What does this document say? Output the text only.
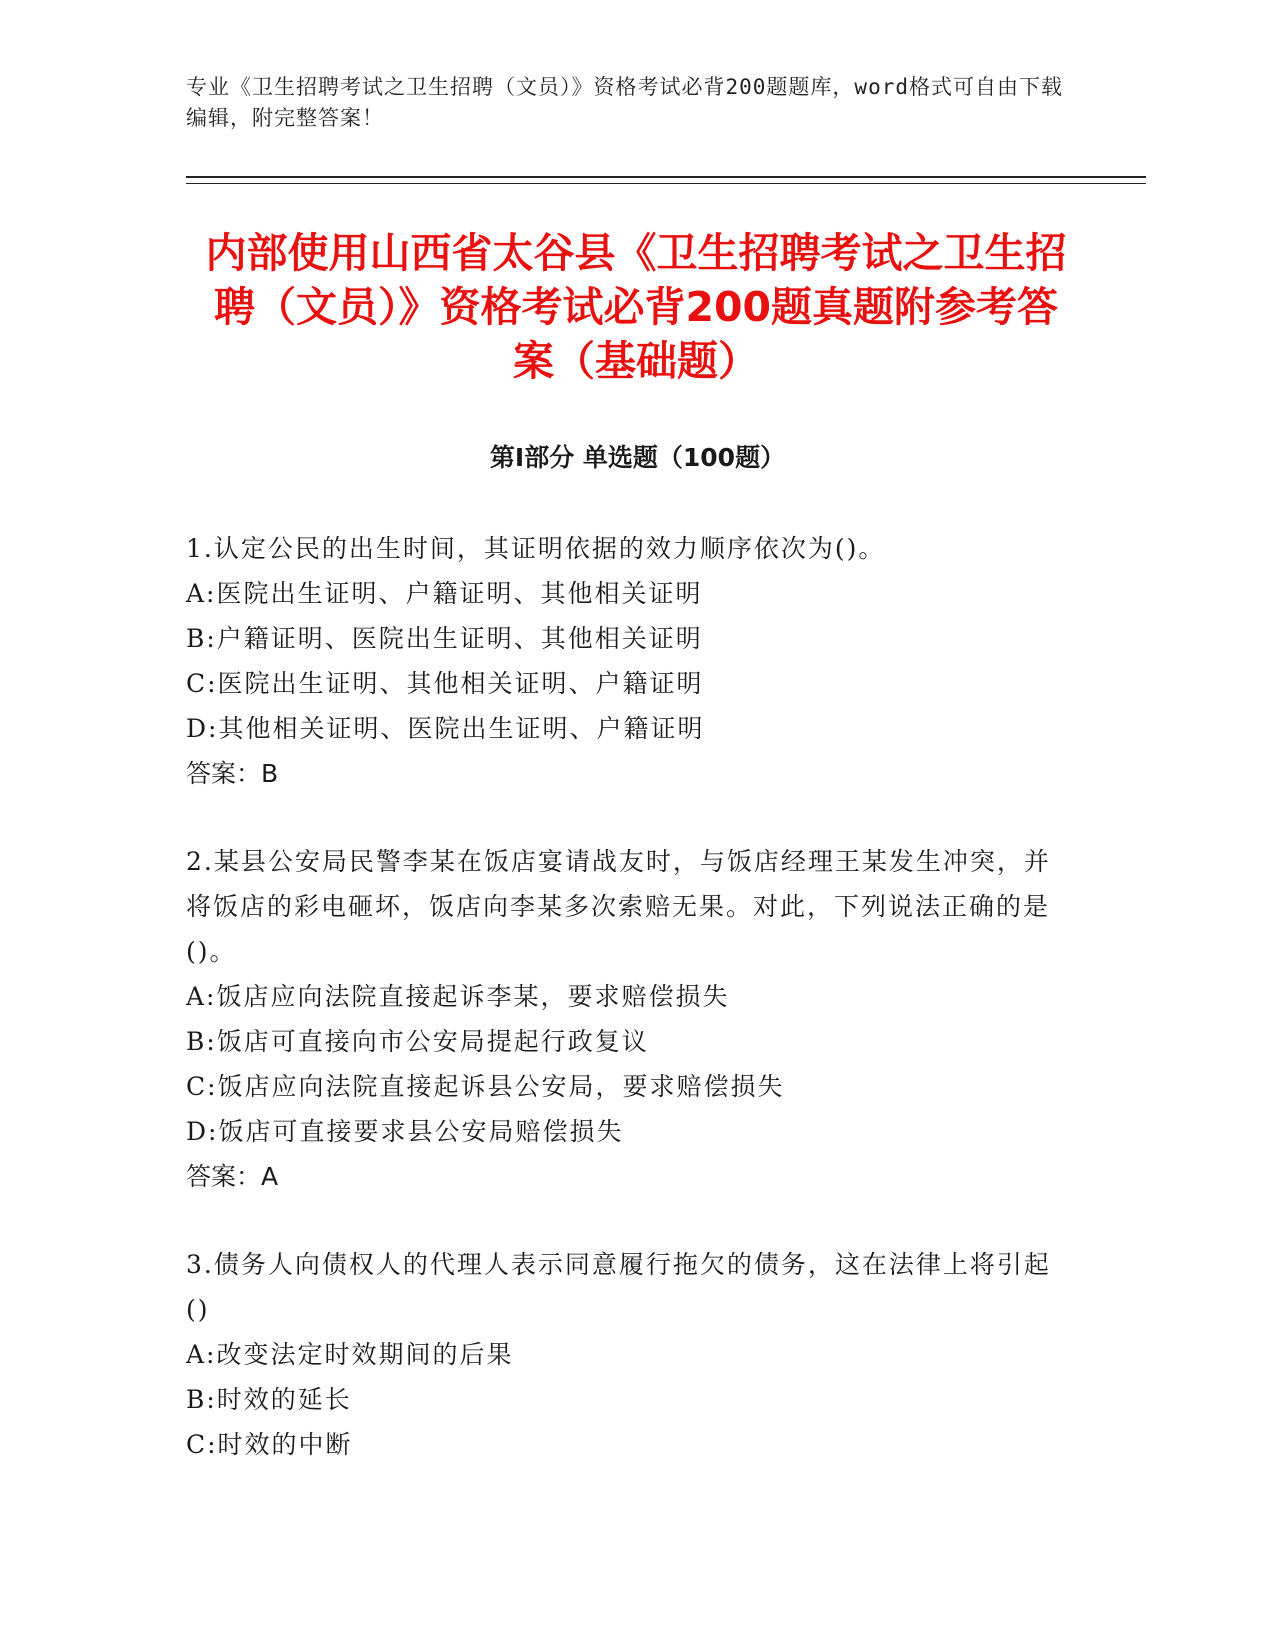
专业《卫生招聘考试之卫生招聘（文员）》资格考试必背200题题库，word格式可自由下载编辑，附完整答案！
内部使用山西省太谷县《卫生招聘考试之卫生招聘（文员）》资格考试必背200题真题附参考答案（基础题）
第I部分 单选题（100题）

1.认定公民的出生时间，其证明依据的效力顺序依次为()。

A:医院出生证明、户籍证明、其他相关证明

B:户籍证明、医院出生证明、其他相关证明

C:医院出生证明、其他相关证明、户籍证明

D:其他相关证明、医院出生证明、户籍证明

答案：B

2.某县公安局民警李某在饭店宴请战友时，与饭店经理王某发生冲突，并将饭店的彩电砸坏，饭店向李某多次索赔无果。对此，下列说法正确的是()。

A:饭店应向法院直接起诉李某，要求赔偿损失

B:饭店可直接向市公安局提起行政复议

C:饭店应向法院直接起诉县公安局，要求赔偿损失

D:饭店可直接要求县公安局赔偿损失

答案：A

3.债务人向债权人的代理人表示同意履行拖欠的债务，这在法律上将引起()

A:改变法定时效期间的后果

B:时效的延长

C:时效的中断
